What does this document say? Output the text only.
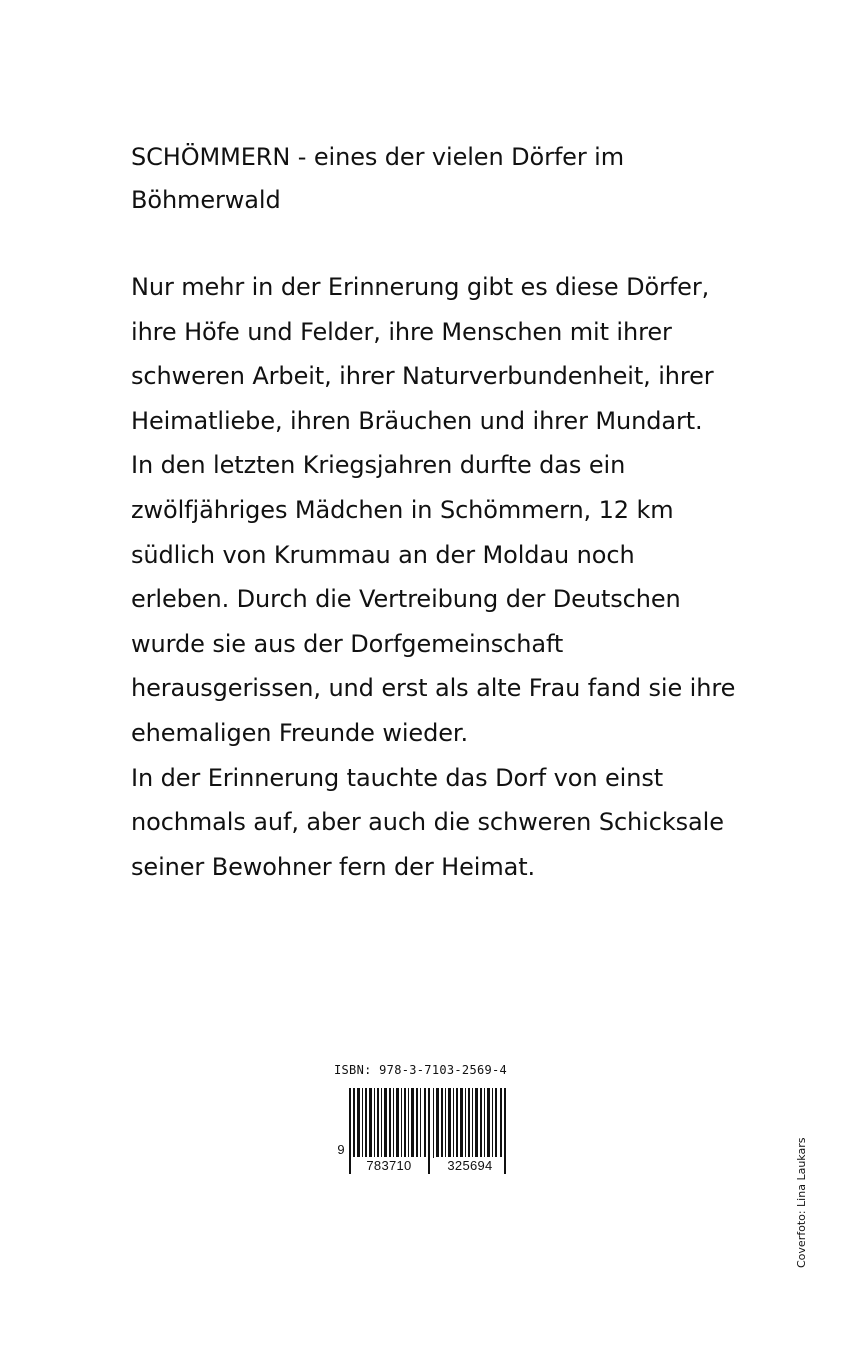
SCHÖMMERN - eines der vielen Dörfer im
Böhmerwald
Nur mehr in der Erinnerung gibt es diese Dörfer,
ihre Höfe und Felder, ihre Menschen mit ihrer
schweren Arbeit, ihrer Naturverbundenheit, ihrer
Heimatliebe, ihren Bräuchen und ihrer Mundart.
In den letzten Kriegsjahren durfte das ein
zwölfjähriges Mädchen in Schömmern, 12 km
südlich von Krummau an der Moldau noch
erleben. Durch die Vertreibung der Deutschen
wurde sie aus der Dorfgemeinschaft
herausgerissen, und erst als alte Frau fand sie ihre
ehemaligen Freunde wieder.
In der Erinnerung tauchte das Dorf von einst
nochmals auf, aber auch die schweren Schicksale
seiner Bewohner fern der Heimat.
ISBN: 978-3-7103-2569-4
9
783710	325694	Coverfoto: Lina Laukars
